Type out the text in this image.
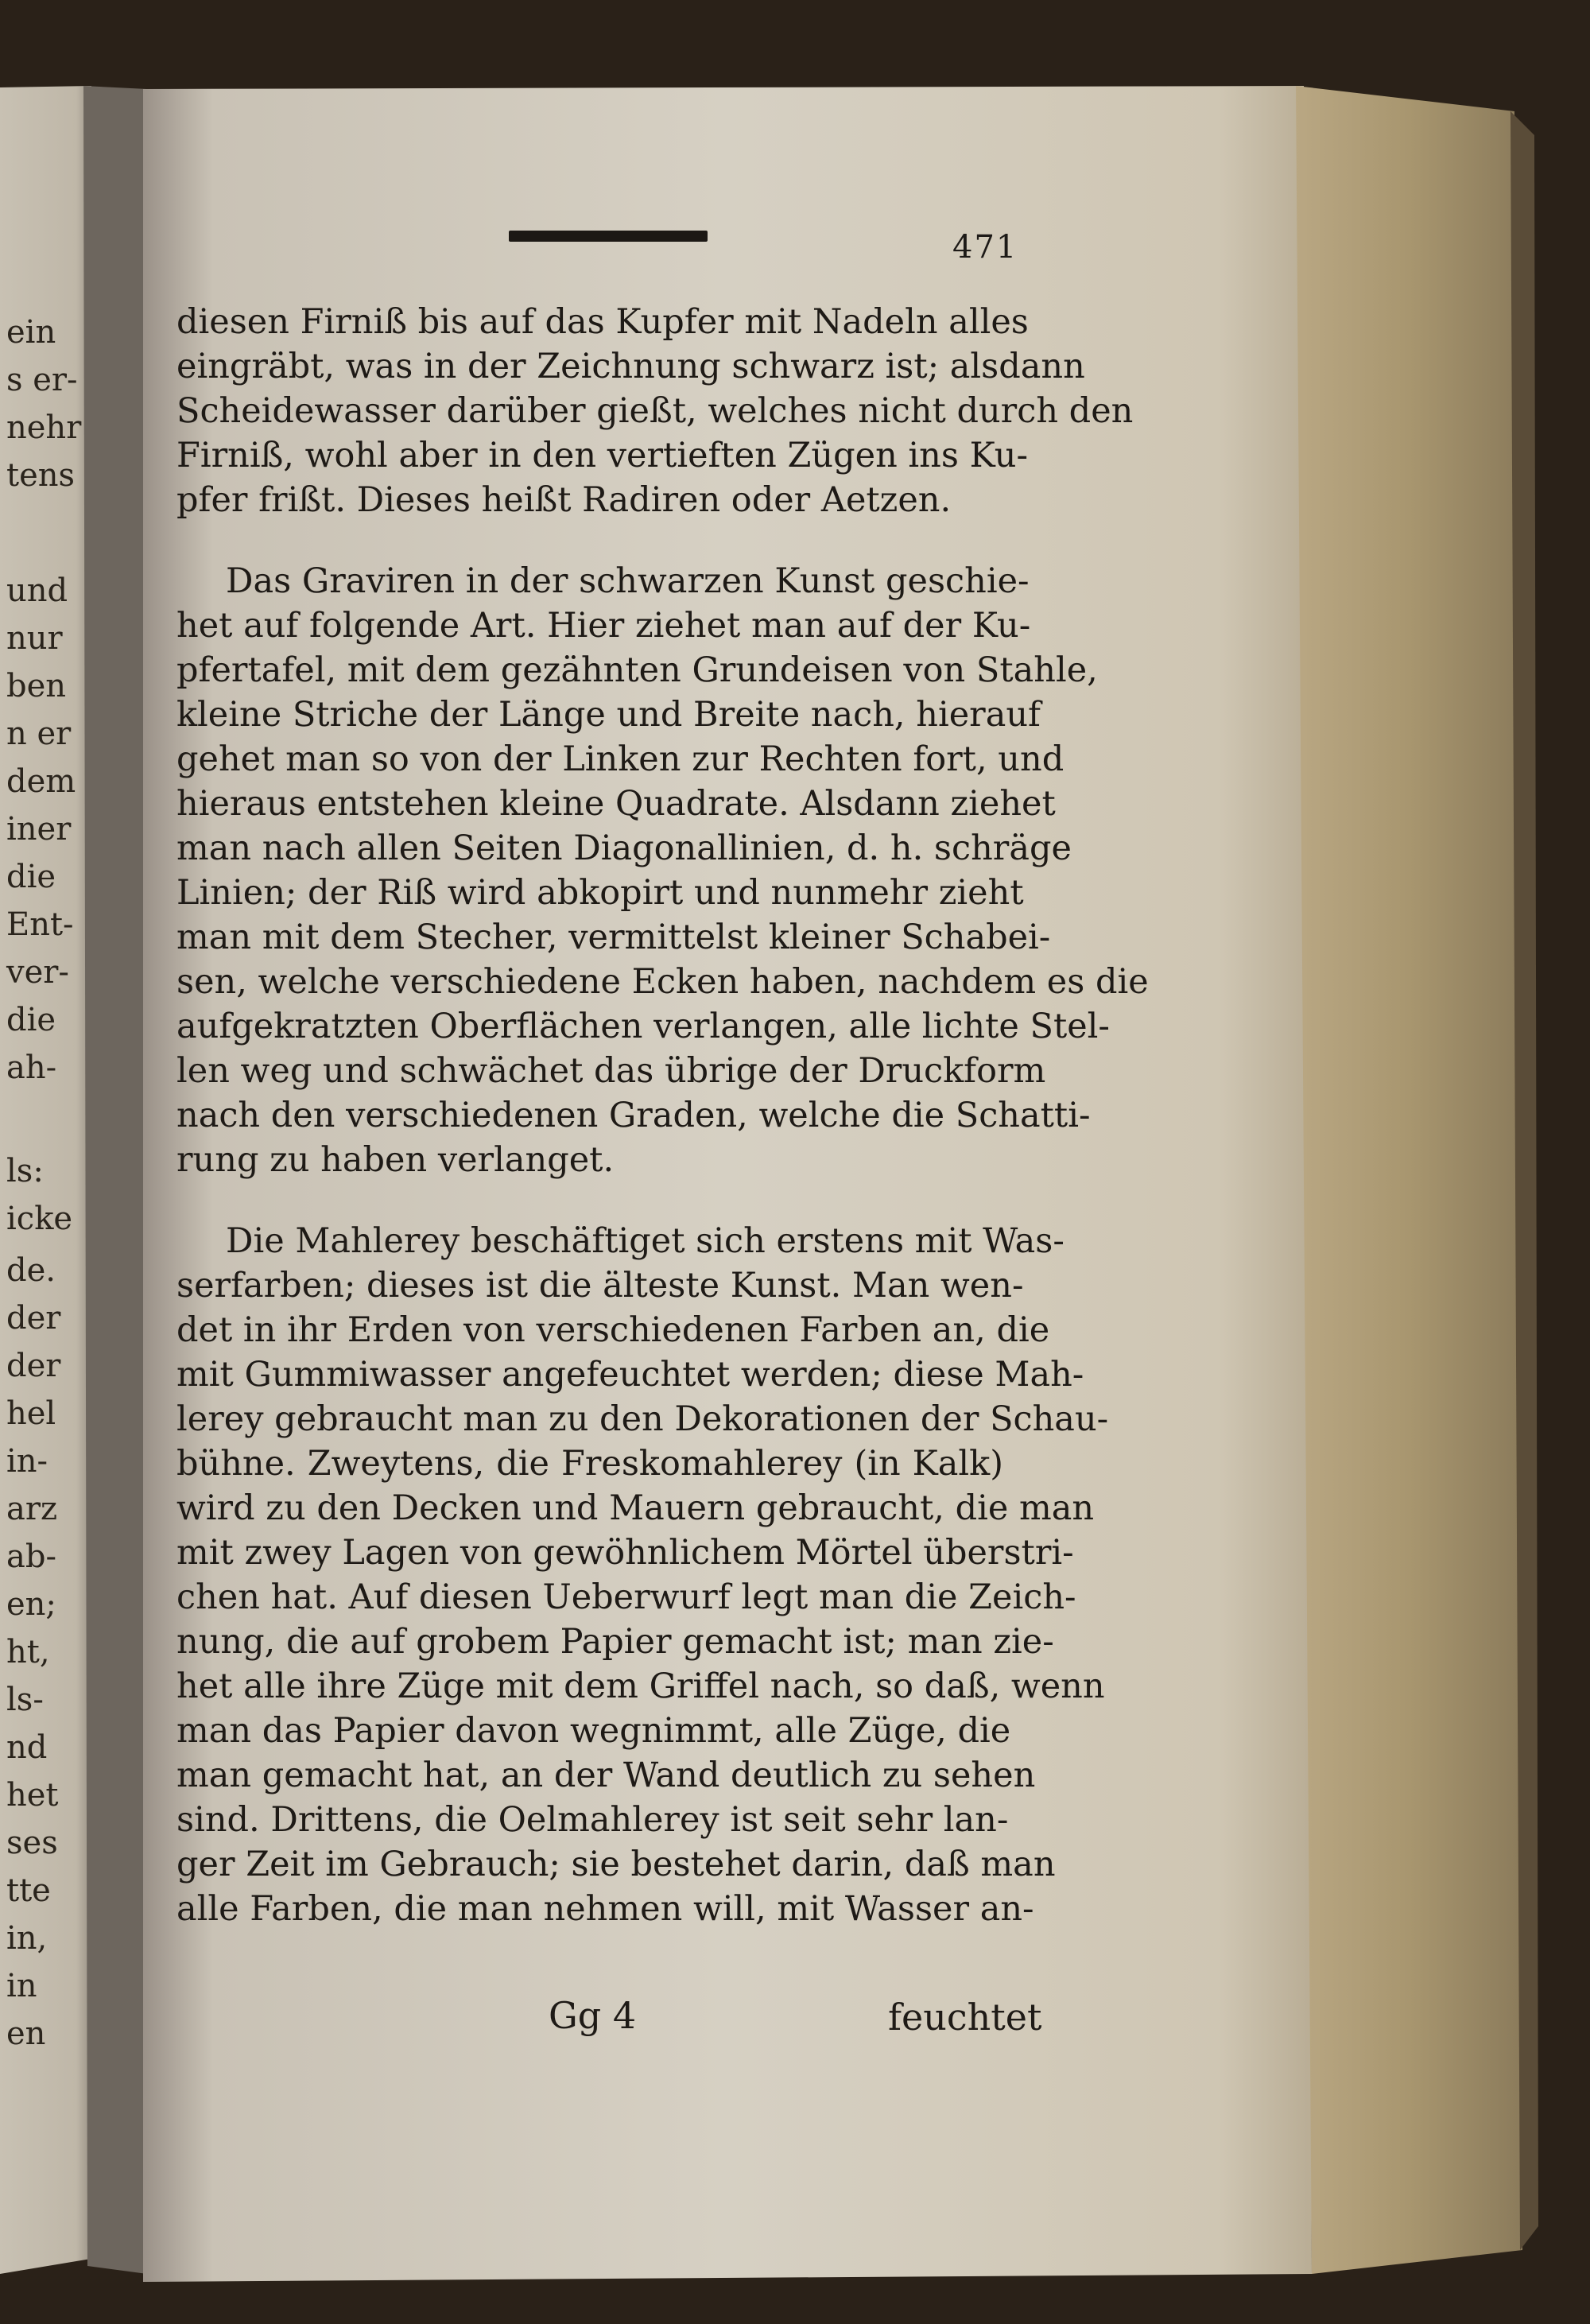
ein
s er-
nehr
tens
und
nur
ben
n er
dem
iner
die
Ent-
ver-
die
ah-
ls:
icke
de.
der
der
hel
in-
arz
ab-
en;
ht,
ls-
nd
het
ses
tte
in,
in
en
471
diesen Firniß bis auf das Kupfer mit Nadeln alles
eingräbt, was in der Zeichnung schwarz ist; alsdann
Scheidewasser darüber gießt, welches nicht durch den
Firniß, wohl aber in den vertieften Zügen ins Ku-
pfer frißt. Dieses heißt Radiren oder Aetzen.
Das Graviren in der schwarzen Kunst geschie-
het auf folgende Art. Hier ziehet man auf der Ku-
pfertafel, mit dem gezähnten Grundeisen von Stahle,
kleine Striche der Länge und Breite nach, hierauf
gehet man so von der Linken zur Rechten fort, und
hieraus entstehen kleine Quadrate. Alsdann ziehet
man nach allen Seiten Diagonallinien, d. h. schräge
Linien; der Riß wird abkopirt und nunmehr zieht
man mit dem Stecher, vermittelst kleiner Schabei-
sen, welche verschiedene Ecken haben, nachdem es die
aufgekratzten Oberflächen verlangen, alle lichte Stel-
len weg und schwächet das übrige der Druckform
nach den verschiedenen Graden, welche die Schatti-
rung zu haben verlanget.
Die Mahlerey beschäftiget sich erstens mit Was-
serfarben; dieses ist die älteste Kunst. Man wen-
det in ihr Erden von verschiedenen Farben an, die
mit Gummiwasser angefeuchtet werden; diese Mah-
lerey gebraucht man zu den Dekorationen der Schau-
bühne. Zweytens, die Freskomahlerey (in Kalk)
wird zu den Decken und Mauern gebraucht, die man
mit zwey Lagen von gewöhnlichem Mörtel überstri-
chen hat. Auf diesen Ueberwurf legt man die Zeich-
nung, die auf grobem Papier gemacht ist; man zie-
het alle ihre Züge mit dem Griffel nach, so daß, wenn
man das Papier davon wegnimmt, alle Züge, die
man gemacht hat, an der Wand deutlich zu sehen
sind. Drittens, die Oelmahlerey ist seit sehr lan-
ger Zeit im Gebrauch; sie bestehet darin, daß man
alle Farben, die man nehmen will, mit Wasser an-
Gg 4	feuchtet
